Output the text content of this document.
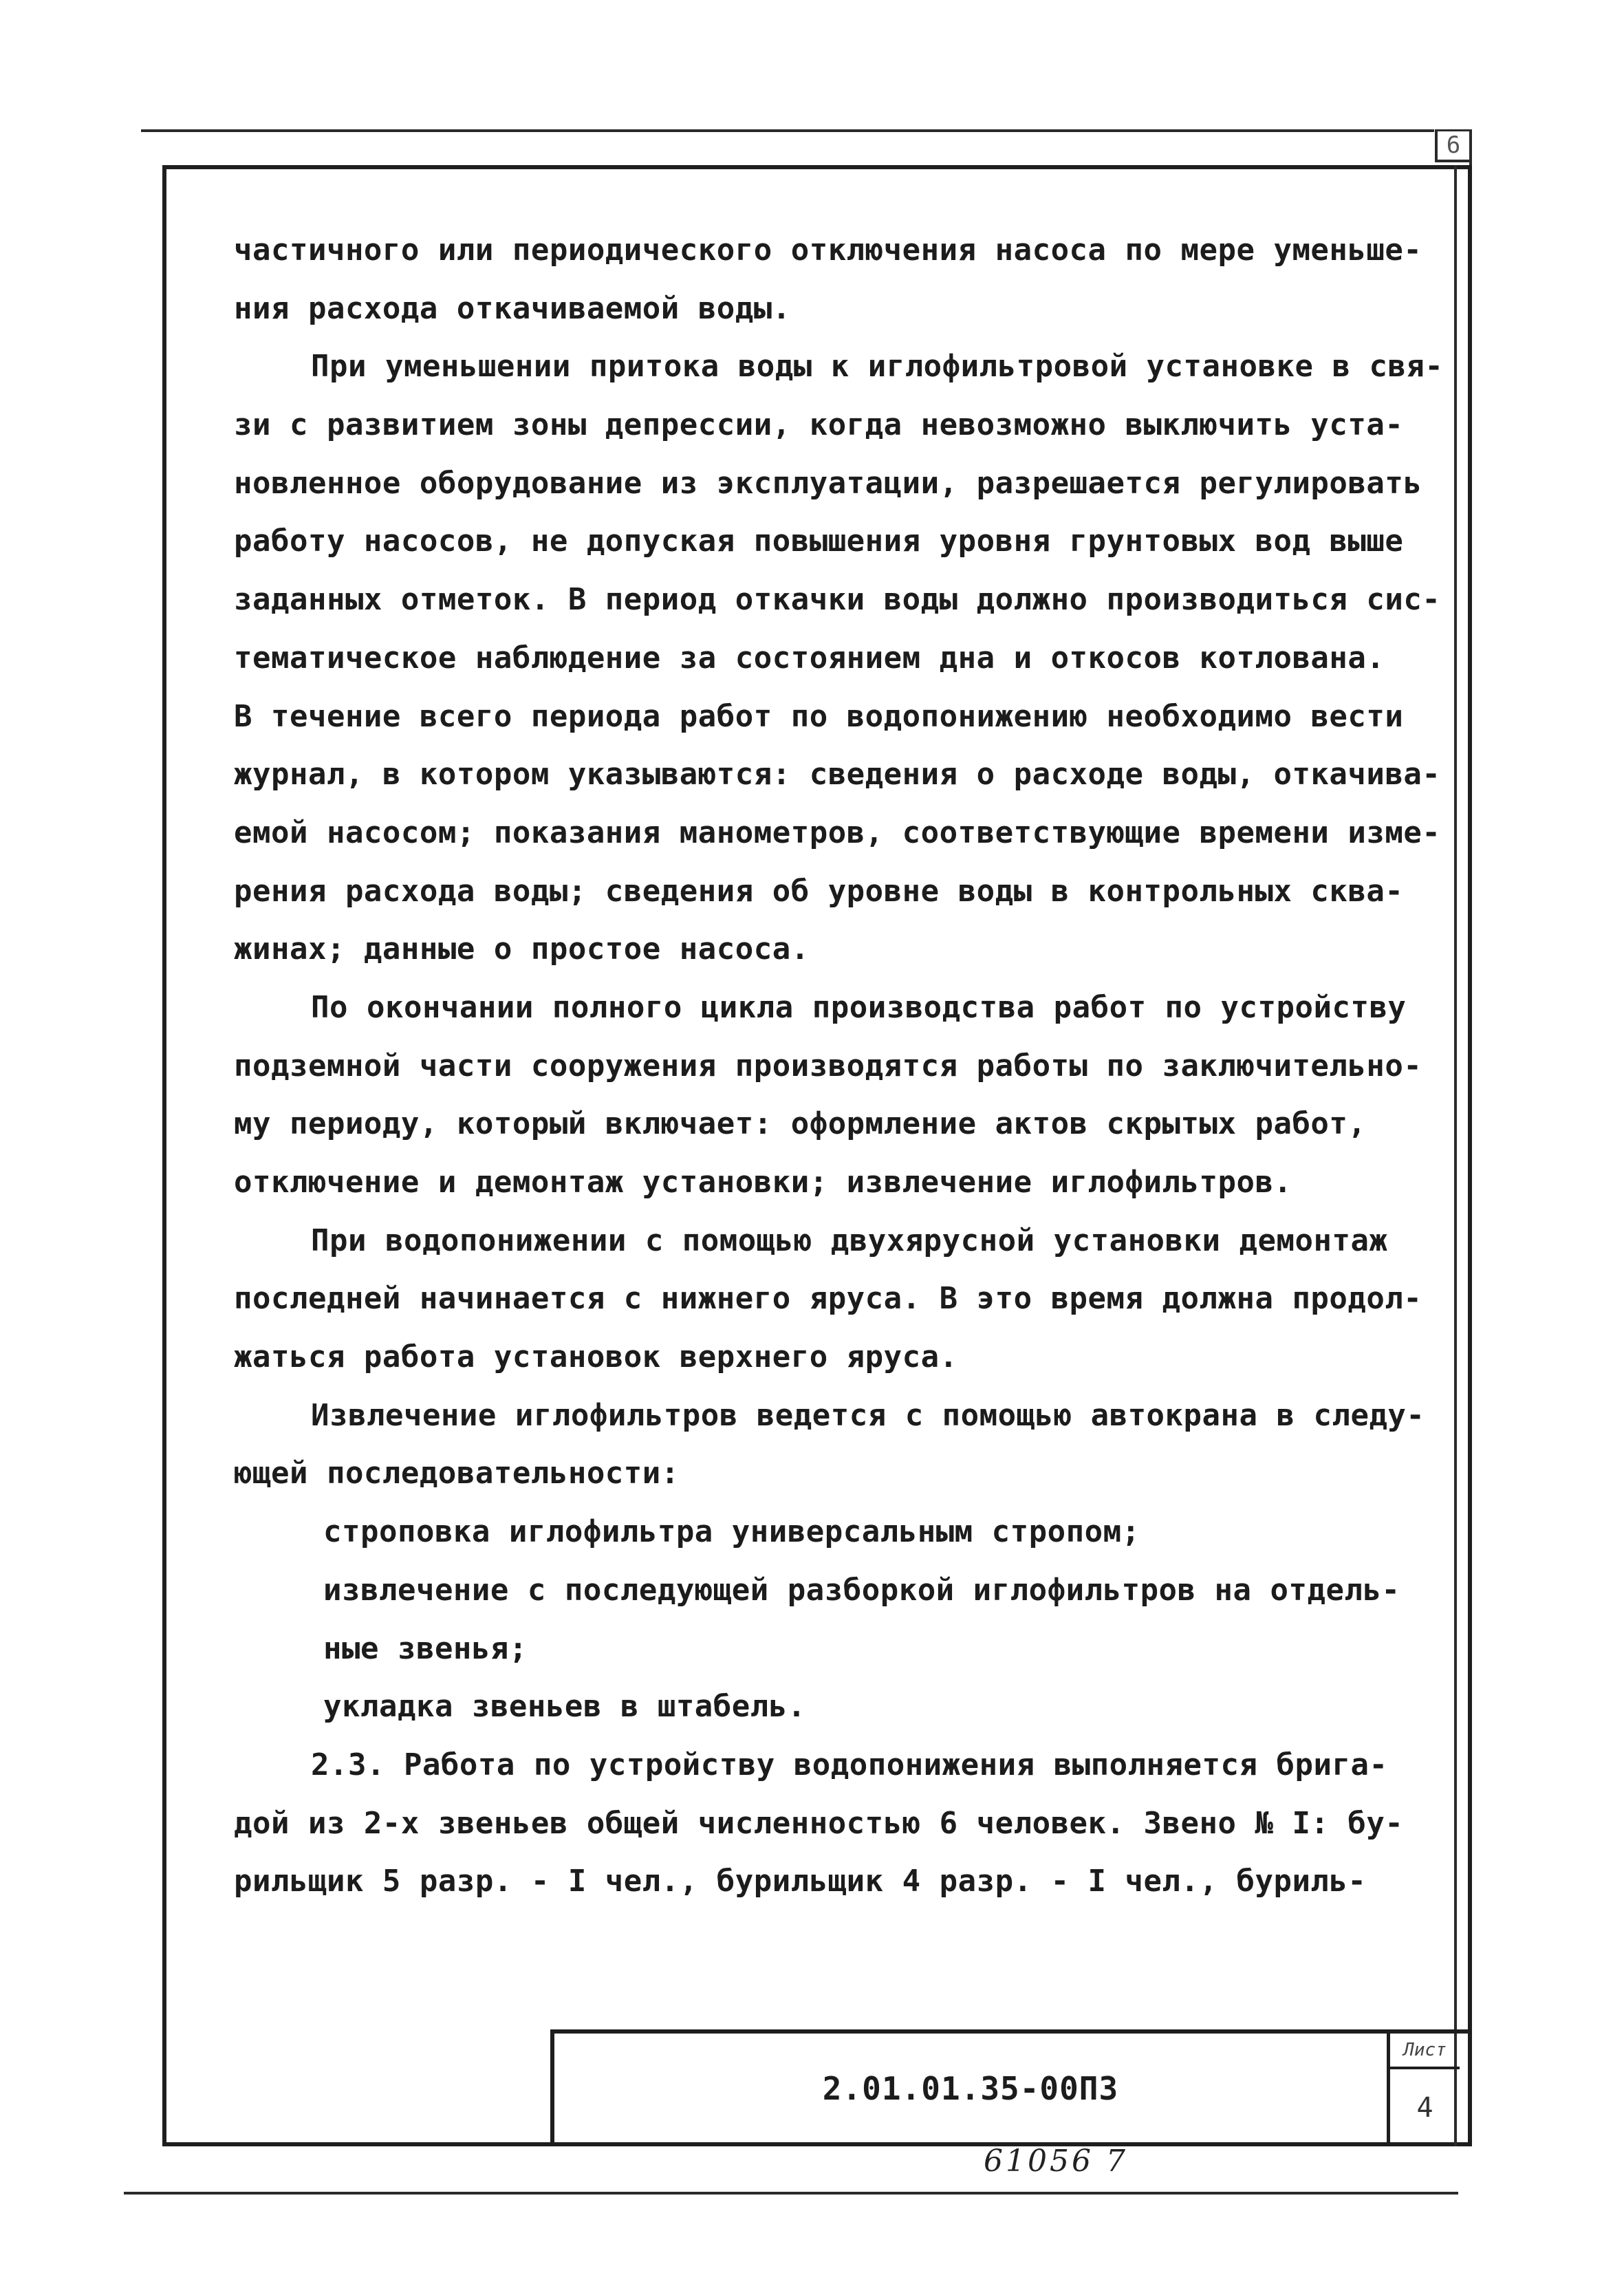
6
частичного или периодического отключения насоса по мере уменьше-
ния расхода откачиваемой воды.
При уменьшении притока воды к иглофильтровой установке в свя-
зи с развитием зоны депрессии, когда невозможно выключить уста-
новленное оборудование из эксплуатации, разрешается регулировать
работу насосов, не допуская повышения уровня грунтовых вод выше
заданных отметок. В период откачки воды должно производиться сис-
тематическое наблюдение за состоянием дна и откосов котлована.
В течение всего периода работ по водопонижению необходимо вести
журнал, в котором указываются: сведения о расходе воды, откачива-
емой насосом; показания манометров, соответствующие времени изме-
рения расхода воды; сведения об уровне воды в контрольных сква-
жинах; данные о простое насоса.
По окончании полного цикла производства работ по устройству
подземной части сооружения производятся работы по заключительно-
му периоду, который включает: оформление актов скрытых работ,
отключение и демонтаж установки; извлечение иглофильтров.
При водопонижении с помощью двухярусной установки демонтаж
последней начинается с нижнего яруса. В это время должна продол-
жаться работа установок верхнего яруса.
Извлечение иглофильтров ведется с помощью автокрана в следу-
ющей последовательности:
строповка иглофильтра универсальным стропом;
извлечение с последующей разборкой иглофильтров на отдель-
ные звенья;
укладка звеньев в штабель.
2.3. Работа по устройству водопонижения выполняется брига-
дой из 2-х звеньев общей численностью 6 человек. Звено № I: бу-
рильщик 5 разр. - I чел., бурильщик 4 разр. - I чел., буриль-
2.01.01.35-00ПЗ
Лист
4
61056 7
